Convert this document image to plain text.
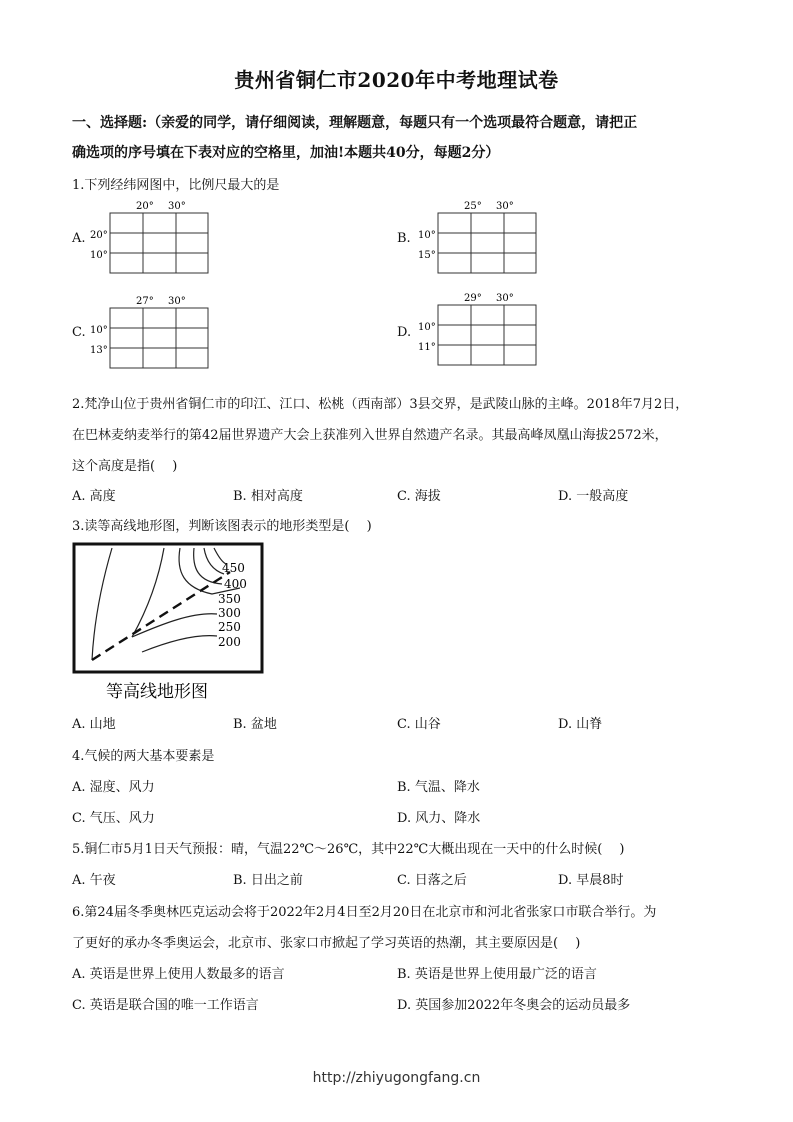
贵州省铜仁市2020年中考地理试卷
一、选择题:（亲爱的同学，请仔细阅读，理解题意，每题只有一个选项最符合题意，请把正
确选项的序号填在下表对应的空格里，加油!本题共40分，每题2分）
1.下列经纬网图中，比例尺最大的是
A.
20° 30°
20°
10°
B.
25° 30°
10°
15°
C.
27° 30°
10°
13°
D.
29° 30°
10°
11°
2.梵净山位于贵州省铜仁市的印江、江口、松桃（西南部）3县交界，是武陵山脉的主峰。2018年7月2日，
在巴林麦纳麦举行的第42届世界遗产大会上获准列入世界自然遗产名录。其最高峰凤凰山海拔2572米，
这个高度是指(　 )
A. 高度	B. 相对高度	C. 海拔	D. 一般高度
3.读等高线地形图，判断该图表示的地形类型是(　 )
450
400
350
300
250
200
等高线地形图
A. 山地	B. 盆地	C. 山谷	D. 山脊
4.气候的两大基本要素是
A. 湿度、风力	B. 气温、降水
C. 气压、风力	D. 风力、降水
5.铜仁市5月1日天气预报：晴，气温22℃～26℃，其中22℃大概出现在一天中的什么时候(　 )
A. 午夜	B. 日出之前	C. 日落之后	D. 早晨8时
6.第24届冬季奥林匹克运动会将于2022年2月4日至2月20日在北京市和河北省张家口市联合举行。为
了更好的承办冬季奥运会，北京市、张家口市掀起了学习英语的热潮，其主要原因是(　 )
A. 英语是世界上使用人数最多的语言	B. 英语是世界上使用最广泛的语言
C. 英语是联合国的唯一工作语言	D. 英国参加2022年冬奥会的运动员最多
http://zhiyugongfang.cn
